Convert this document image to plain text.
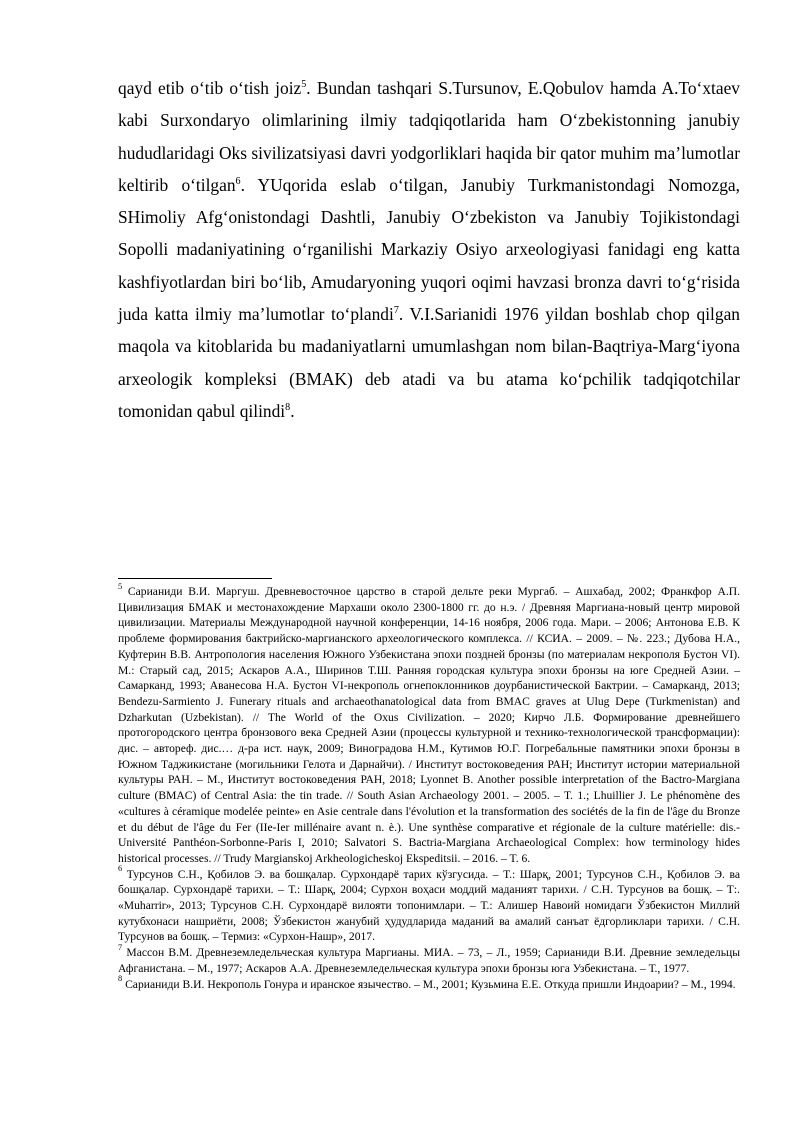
qayd etib o‘tib o‘tish joiz$^5$. Bundan tashqari S.Tursunov, E.Qobulov hamda A.To‘xtaev kabi Surxondaryo olimlarining ilmiy tadqiqotlarida ham O‘zbekistonning janubiy hududlaridagi Oks sivilizatsiyasi davri yodgorliklari haqida bir qator muhim ma’lumotlar keltirib o‘tilgan$^6$. YUqorida eslab o‘tilgan, Janubiy Turkmanistondagi Nomozga, SHimoliy Afg‘onistondagi Dashtli, Janubiy O‘zbekiston va Janubiy Tojikistondagi Sopolli madaniyatining o‘rganilishi Markaziy Osiyo arxeologiyasi fanidagi eng katta kashfiyotlardan biri bo‘lib, Amudaryoning yuqori oqimi havzasi bronza davri to‘g‘risida juda katta ilmiy ma’lumotlar to‘plandi$^7$. V.I.Sarianidi 1976 yildan boshlab chop qilgan maqola va kitoblarida bu madaniyatlarni umumlashgan nom bilan-Baqtriya-Marg‘iyona arxeologik kompleksi (BMAK) deb atadi va bu atama ko‘pchilik tadqiqotchilar tomonidan qabul qilindi$^8$.

$^5$ Сарианиди В.И. Маргуш. Древневосточное царство в старой дельте реки Мургаб. – Ашхабад, 2002; Франкфор А.П. Цивилизация БМАК и местонахождение Мархаши около 2300-1800 гг. до н.э. / Древняя Маргиана-новый центр мировой цивилизации. Материалы Международной научной конференции, 14-16 ноября, 2006 года. Мари. – 2006; Антонова Е.В. К проблеме формирования бактрийско-маргианского археологического комплекса. // КСИА. – 2009. – №. 223.; Дубова Н.А., Куфтерин В.В. Антропология населения Южного Узбекистана эпохи поздней бронзы (по материалам некрополя Бустон VI). М.: Старый сад, 2015; Аскаров А.А., Ширинов Т.Ш. Ранняя городская культура эпохи бронзы на юге Средней Азии. – Самарканд, 1993; Аванесова Н.А. Бустон VI-некрополь огнепоклонников доурбанистической Бактрии. – Самарканд, 2013; Bendezu-Sarmiento J. Funerary rituals and archaeothanatological data from BMAC graves at Ulug Depe (Turkmenistan) and Dzharkutan (Uzbekistan). // The World of the Oxus Civilization. – 2020; Кирчо Л.Б. Формирование древнейшего протогородского центра бронзового века Средней Азии (процессы культурной и технико-технологической трансформации): дис. – автореф. дис.… д-ра ист. наук, 2009; Виноградова Н.М., Кутимов Ю.Г. Погребальные памятники эпохи бронзы в Южном Таджикистане (могильники Гелота и Дарнайчи). / Институт востоковедения РАН; Институт истории материальной культуры РАН. – М., Институт востоковедения РАН, 2018; Lyonnet B. Another possible interpretation of the Bactro-Margiana culture (BMAC) of Central Asia: the tin trade. // South Asian Archaeology 2001. – 2005. – T. 1.; Lhuillier J. Le phénomène des «cultures à céramique modelée peinte» en Asie centrale dans l'évolution et la transformation des sociétés de la fin de l'âge du Bronze et du début de l'âge du Fer (IIe-Ier millénaire avant n. è.). Une synthèse comparative et régionale de la culture matérielle: dis.-Université Panthéon-Sorbonne-Paris I, 2010; Salvatori S. Bactria-Margiana Archaeological Complex: how terminology hides historical processes. // Trudy Margianskoj Arkheologicheskoj Ekspeditsii. – 2016. – T. 6.

$^6$ Турсунов С.Н., Қобилов Э. ва бошқалар. Сурхондарё тарих кўзгусида. – Т.: Шарқ, 2001; Турсунов С.Н., Қобилов Э. ва бошқалар. Сурхондарё тарихи. – Т.: Шарқ, 2004; Сурхон воҳаси моддий маданият тарихи. / С.Н. Турсунов ва бошқ. – Т:. «Muharrir», 2013; Турсунов С.Н. Сурхондарё вилояти топонимлари. – Т.: Алишер Навоий номидаги Ўзбекистон Миллий кутубхонаси нашриёти, 2008; Ўзбекистон жанубий ҳудудларида маданий ва амалий санъат ёдгорликлари тарихи. / С.Н. Турсунов ва бошқ. – Термиз: «Сурхон-Нашр», 2017.

$^7$ Массон В.М. Древнеземледельческая культура Маргианы. МИА. – 73, – Л., 1959; Сарианиди В.И. Древние земледельцы Афганистана. – М., 1977; Аскаров А.А. Древнеземледельческая культура эпохи бронзы юга Узбекистана. – Т., 1977.

$^8$ Сарианиди В.И. Некрополь Гонура и иранское язычество. – М., 2001; Кузьмина Е.Е. Откуда пришли Индоарии? – М., 1994.
